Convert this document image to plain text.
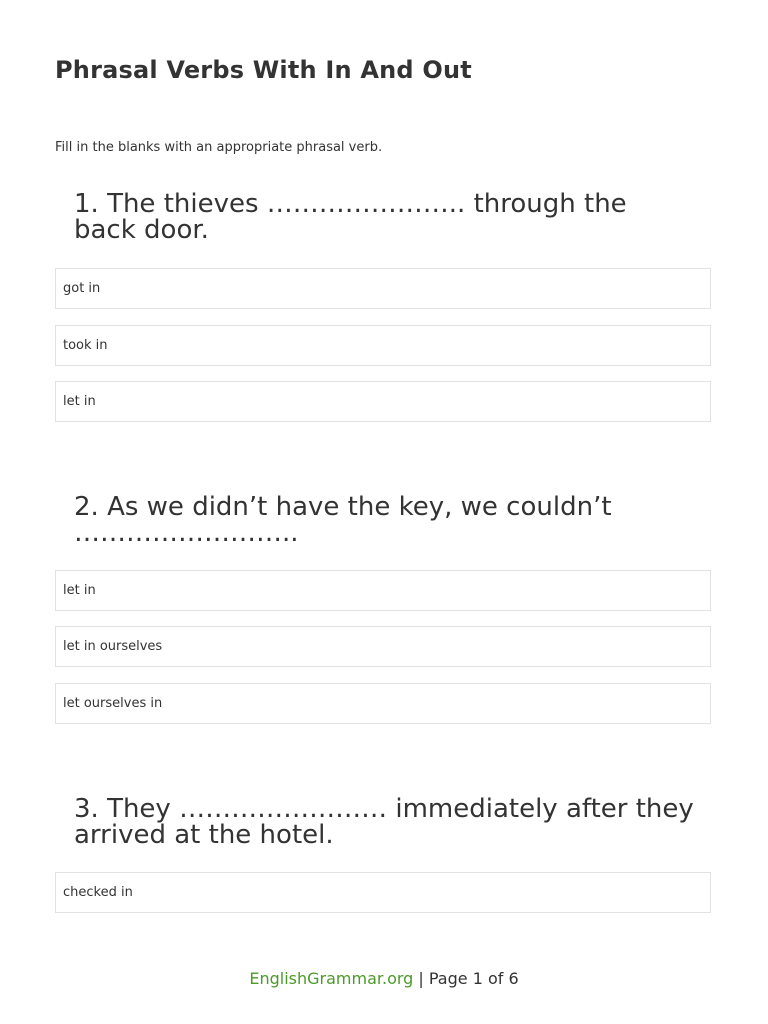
Phrasal Verbs With In And Out
Fill in the blanks with an appropriate phrasal verb.
1. The thieves ………………….. through the back door.
got in
took in
let in
2. As we didn’t have the key, we couldn’t ……………………..
let in
let in ourselves
let ourselves in
3. They …………………… immediately after they arrived at the hotel.
checked in
EnglishGrammar.org | Page 1 of 6
